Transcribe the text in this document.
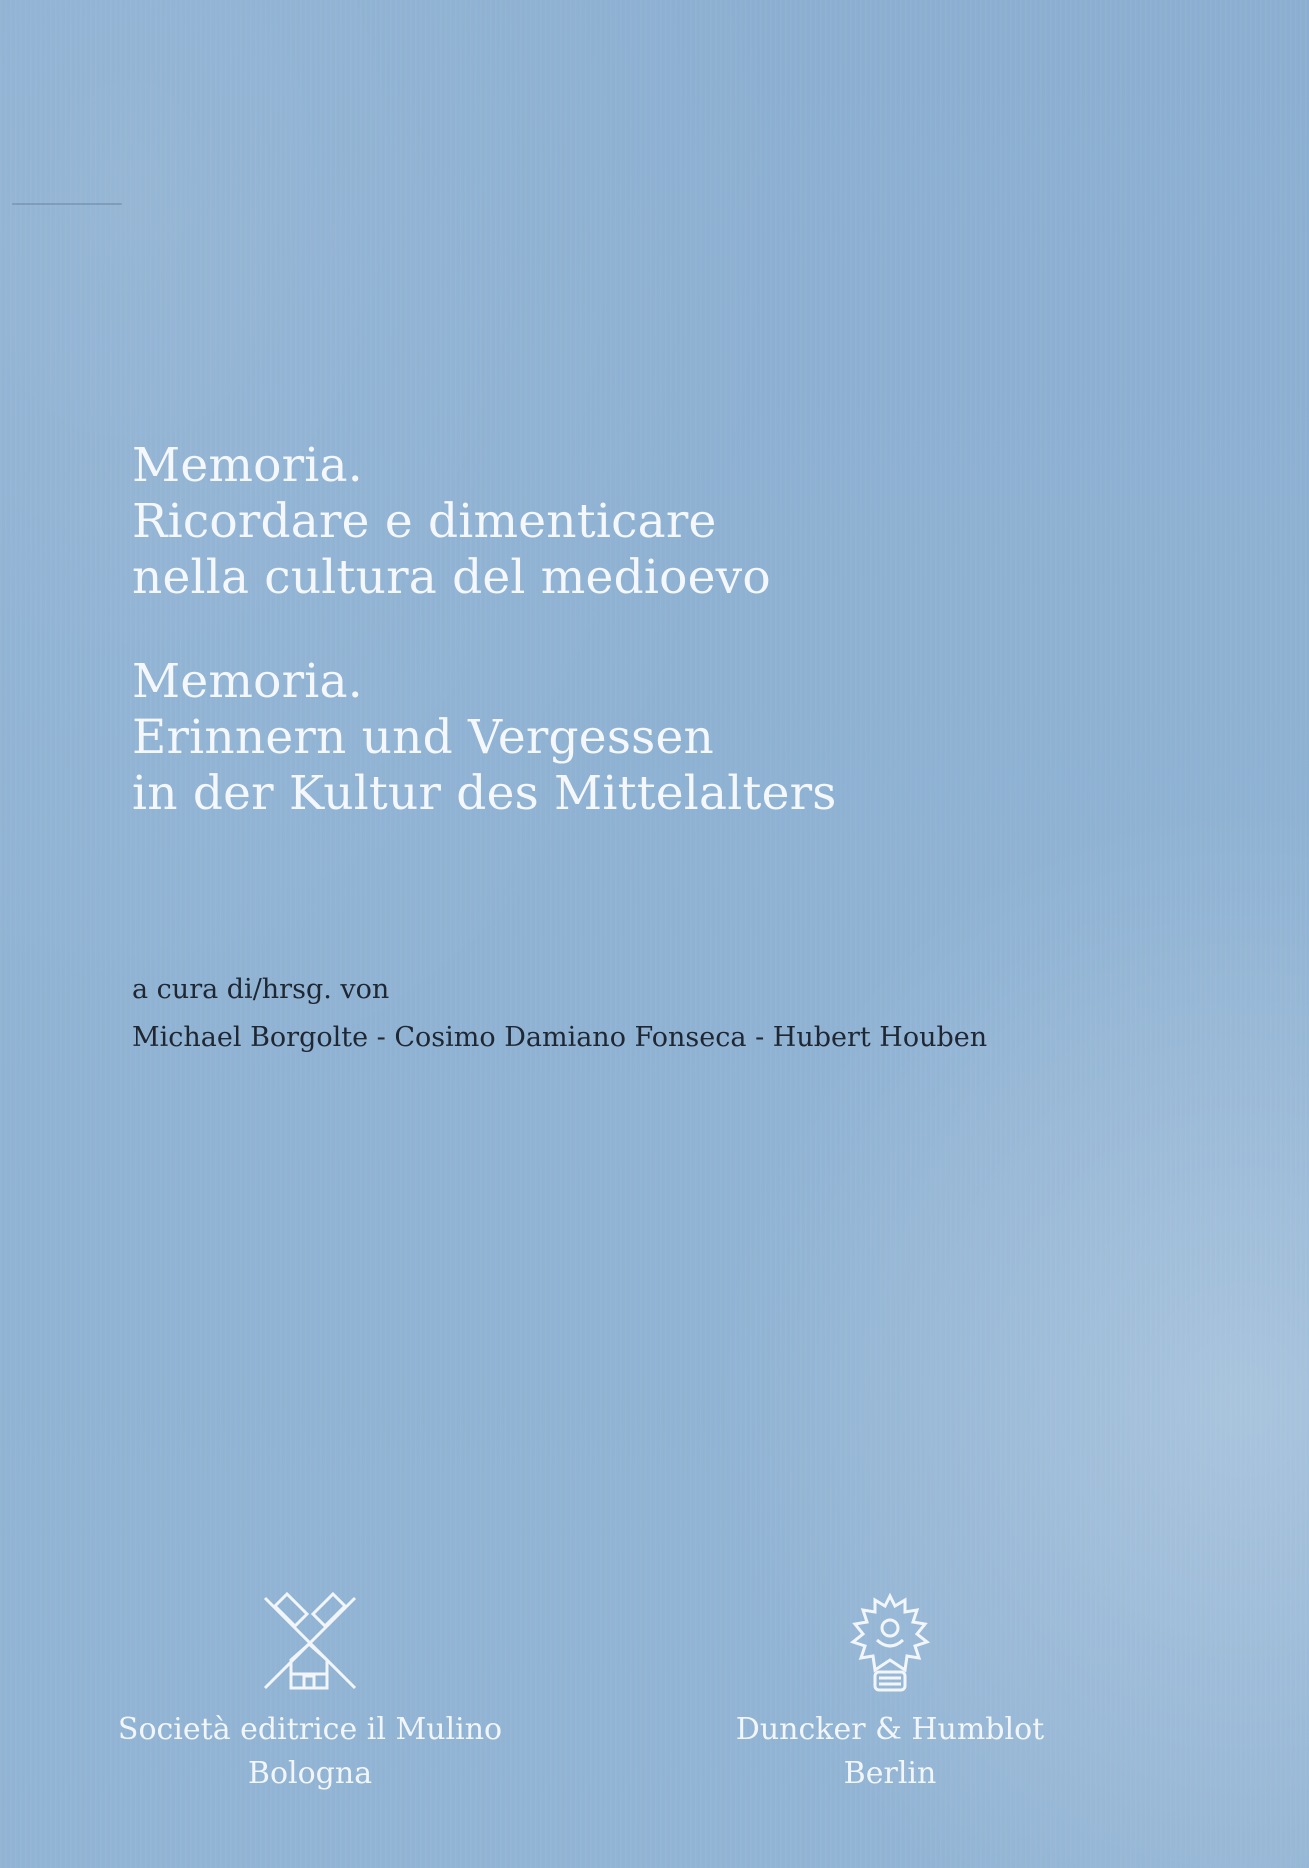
Memoria.
Ricordare e dimenticare
nella cultura del medioevo
Memoria.
Erinnern und Vergessen
in der Kultur des Mittelalters
a cura di/hrsg. von
Michael Borgolte - Cosimo Damiano Fonseca - Hubert Houben
Società editrice il Mulino
Bologna
Duncker & Humblot
Berlin
